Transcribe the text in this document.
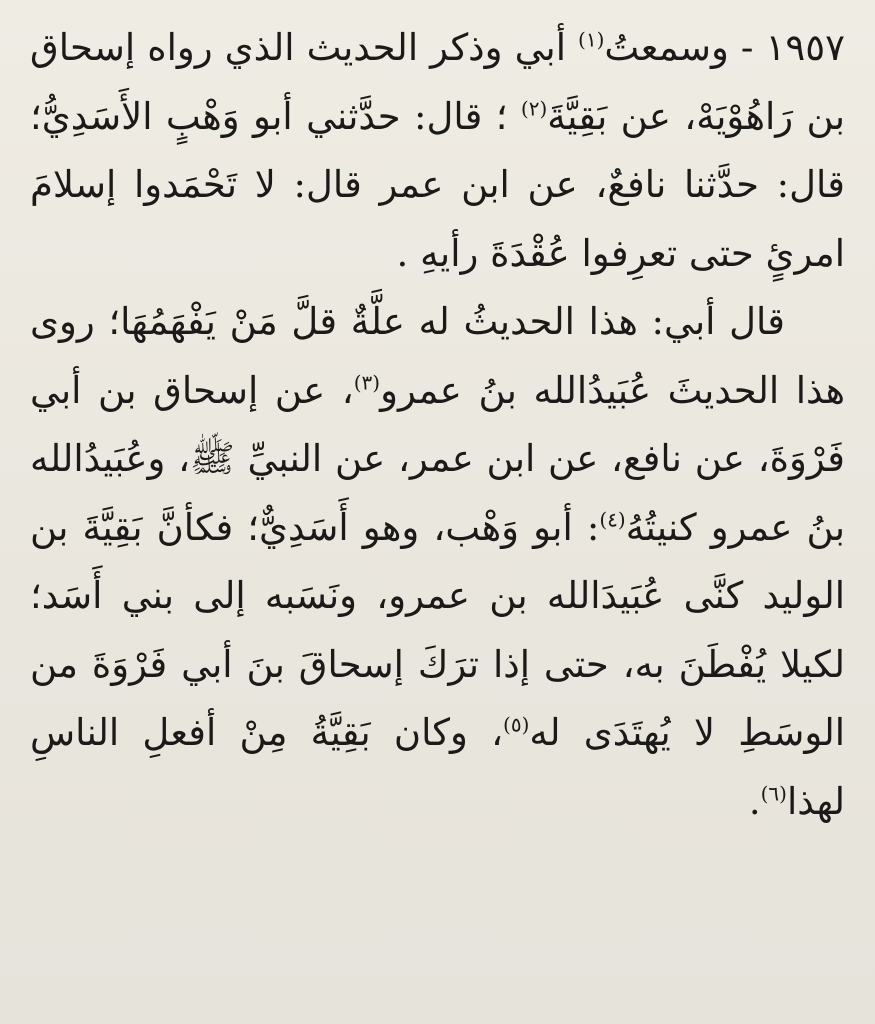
١٩٥٧ - وسمعتُ$^{(١)}$ أبي وذكر الحديث الذي رواه إسحاق بن رَاهُوْيَهْ، عن بَقِيَّةَ$^{(٢)}$ ؛ قال: حدَّثني أبو وَهْبٍ الأَسَدِيُّ؛ قال: حدَّثنا نافعٌ، عن ابن عمر قال: لا تَحْمَدوا إسلامَ امرئٍ حتى تعرِفوا عُقْدَةَ رأيهِ .

قال أبي: هذا الحديثُ له علَّةٌ قلَّ مَنْ يَفْهَمُهَا؛ روى هذا الحديثَ عُبَيدُالله بنُ عمرو$^{(٣)}$، عن إسحاق بن أبي فَرْوَةَ، عن نافع، عن ابن عمر، عن النبيِّ ﷺ، وعُبَيدُالله بنُ عمرو كنيتُهُ$^{(٤)}$: أبو وَهْب، وهو أَسَدِيٌّ؛ فكأنَّ بَقِيَّةَ بن الوليد كنَّى عُبَيدَالله بن عمرو، ونَسَبه إلى بني أَسَد؛ لكيلا يُفْطَنَ به، حتى إذا ترَكَ إسحاقَ بنَ أبي فَرْوَةَ من الوسَطِ لا يُهتَدَى له$^{(٥)}$، وكان بَقِيَّةُ مِنْ أفعلِ الناسِ لهذا$^{(٦)}$.
